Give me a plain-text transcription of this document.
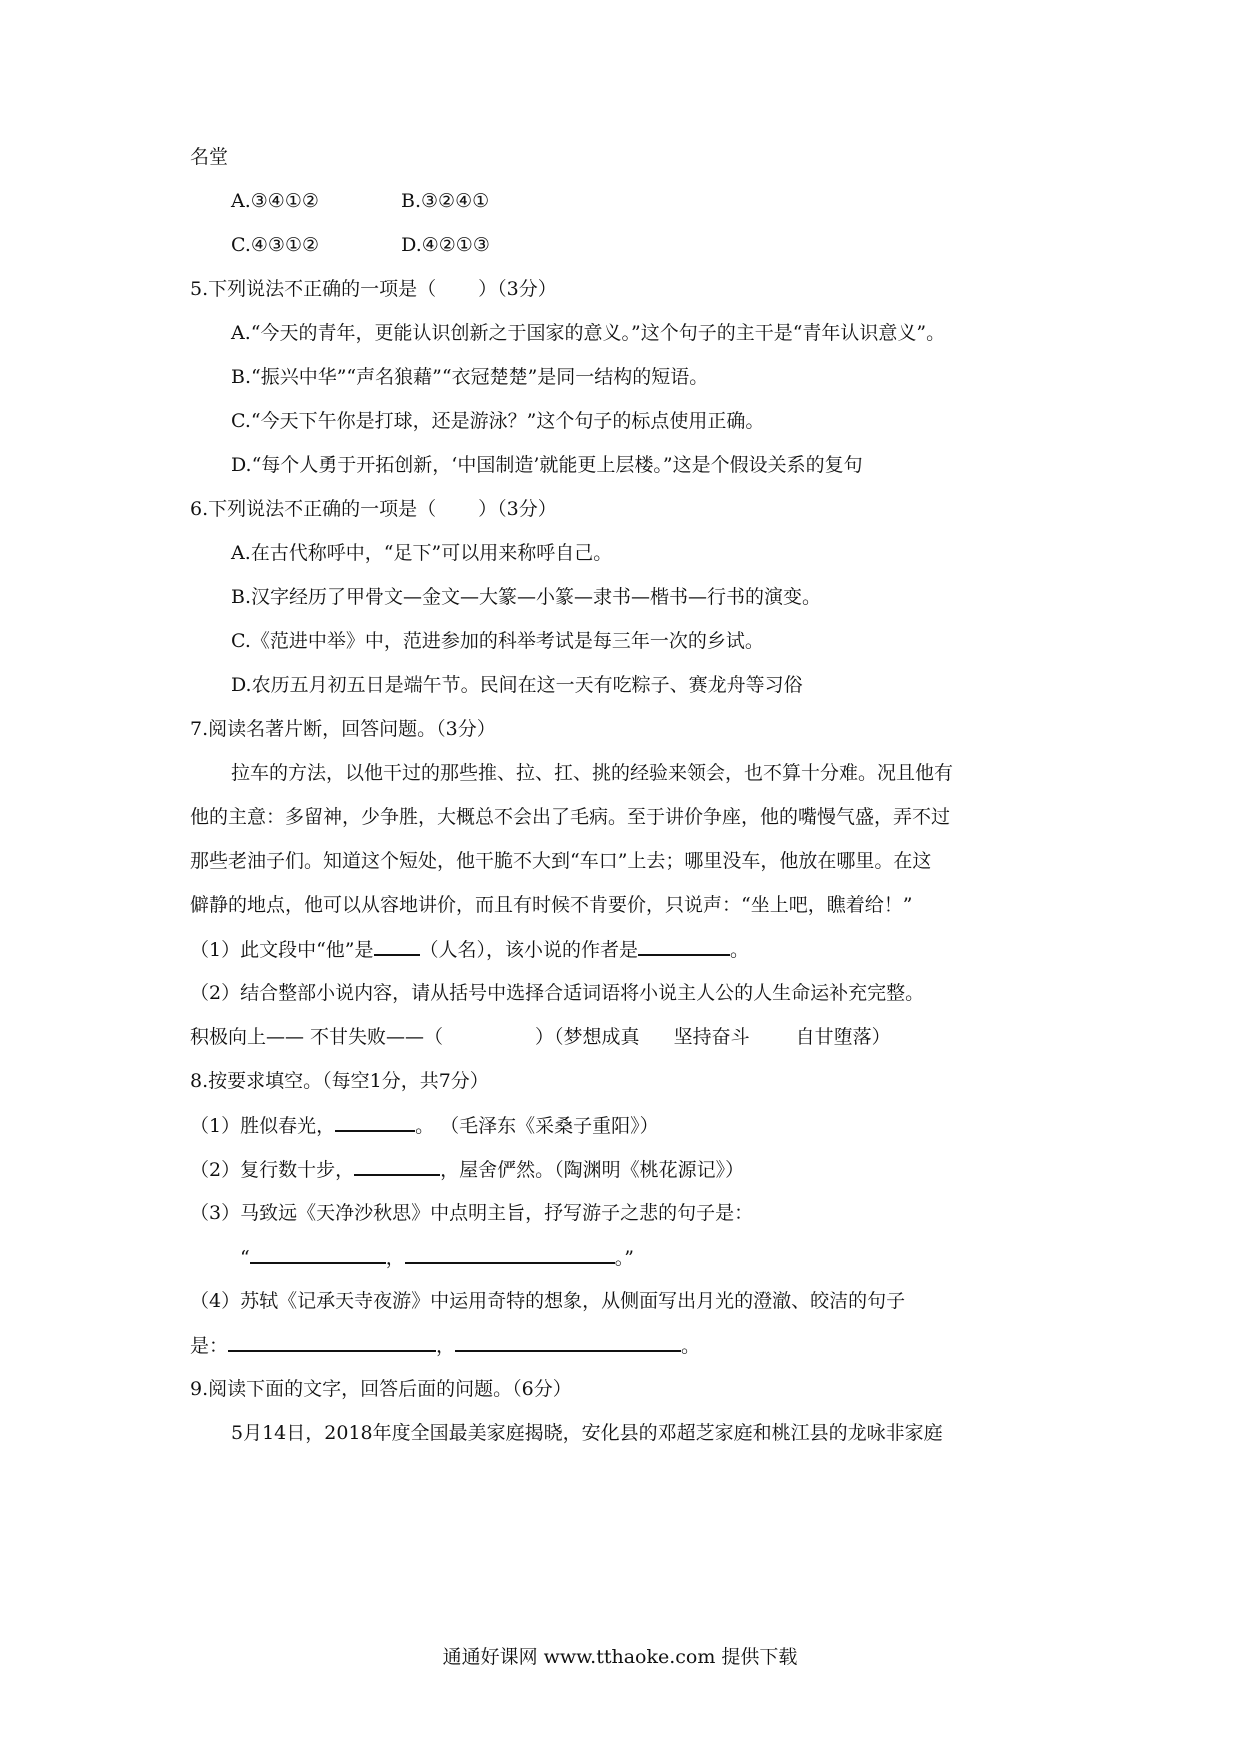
名堂
A.③④①②	B.③②④①
C.④③①②	D.④②①③
5.下列说法不正确的一项是（ ）（3分）
A.“今天的青年，更能认识创新之于国家的意义。”这个句子的主干是“青年认识意义”。
B.“振兴中华”“声名狼藉”“衣冠楚楚”是同一结构的短语。
C.“今天下午你是打球，还是游泳？”这个句子的标点使用正确。
D.“每个人勇于开拓创新，‘中国制造’就能更上层楼。”这是个假设关系的复句
6.下列说法不正确的一项是（ ）（3分）
A.在古代称呼中，“足下”可以用来称呼自己。
B.汉字经历了甲骨文—金文—大篆—小篆—隶书—楷书—行书的演变。
C.《范进中举》中，范进参加的科举考试是每三年一次的乡试。
D.农历五月初五日是端午节。民间在这一天有吃粽子、赛龙舟等习俗
7.阅读名著片断，回答问题。（3分）
拉车的方法，以他干过的那些推、拉、扛、挑的经验来领会，也不算十分难。况且他有
他的主意：多留神，少争胜，大概总不会出了毛病。至于讲价争座，他的嘴慢气盛，弄不过
那些老油子们。知道这个短处，他干脆不大到“车口”上去；哪里没车，他放在哪里。在这
僻静的地点，他可以从容地讲价，而且有时候不肯要价，只说声：“坐上吧，瞧着给！”
（1）此文段中“他”是 （人名），该小说的作者是	。
（2）结合整部小说内容，请从括号中选择合适词语将小说主人公的人生命运补充完整。
积极向上—— 不甘失败——（	）（梦想成真 坚持奋斗 自甘堕落）
8.按要求填空。（每空1分，共7分）
（1）胜似春光，	。 （毛泽东《采桑子重阳》）
（2）复行数十步，	，屋舍俨然。（陶渊明《桃花源记》）
（3）马致远《天净沙秋思》中点明主旨，抒写游子之悲的句子是：
“	，	。”
（4）苏轼《记承天寺夜游》中运用奇特的想象，从侧面写出月光的澄澈、皎洁的句子
是：	，	。
9.阅读下面的文字，回答后面的问题。（6分）
5月14日，2018年度全国最美家庭揭晓，安化县的邓超芝家庭和桃江县的龙咏非家庭
通通好课网 www.tthaoke.com 提供下载
